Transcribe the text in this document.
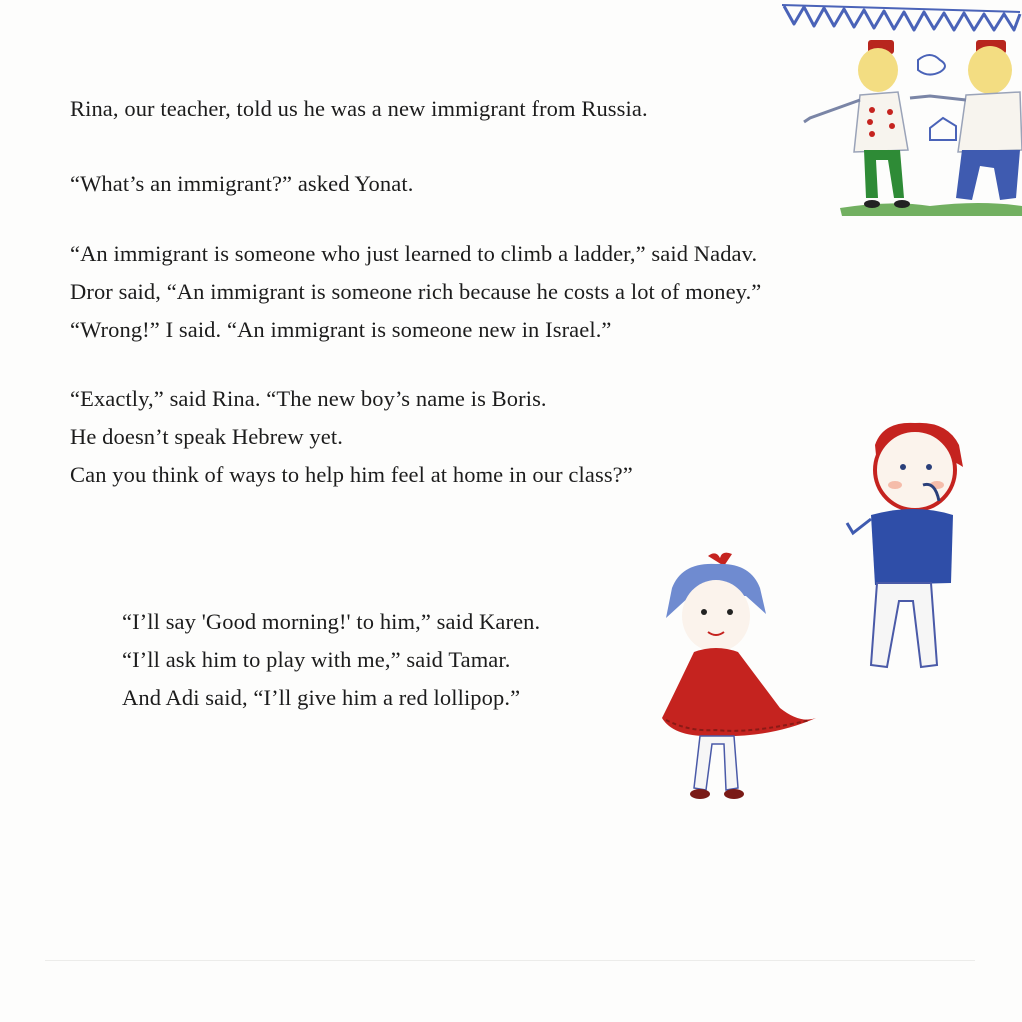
Rina, our teacher, told us he was a new immigrant from Russia.

“What’s an immigrant?” asked Yonat.

“An immigrant is someone who just learned to climb a ladder,” said Nadav.

Dror said, “An immigrant is someone rich because he costs a lot of money.”

“Wrong!” I said. “An immigrant is someone new in Israel.”

“Exactly,” said Rina. “The new boy’s name is Boris.

He doesn’t speak Hebrew yet.

Can you think of ways to help him feel at home in our class?”

“I’ll say 'Good morning!' to him,” said Karen.

“I’ll ask him to play with me,” said Tamar.

And Adi said, “I’ll give him a red lollipop.”
